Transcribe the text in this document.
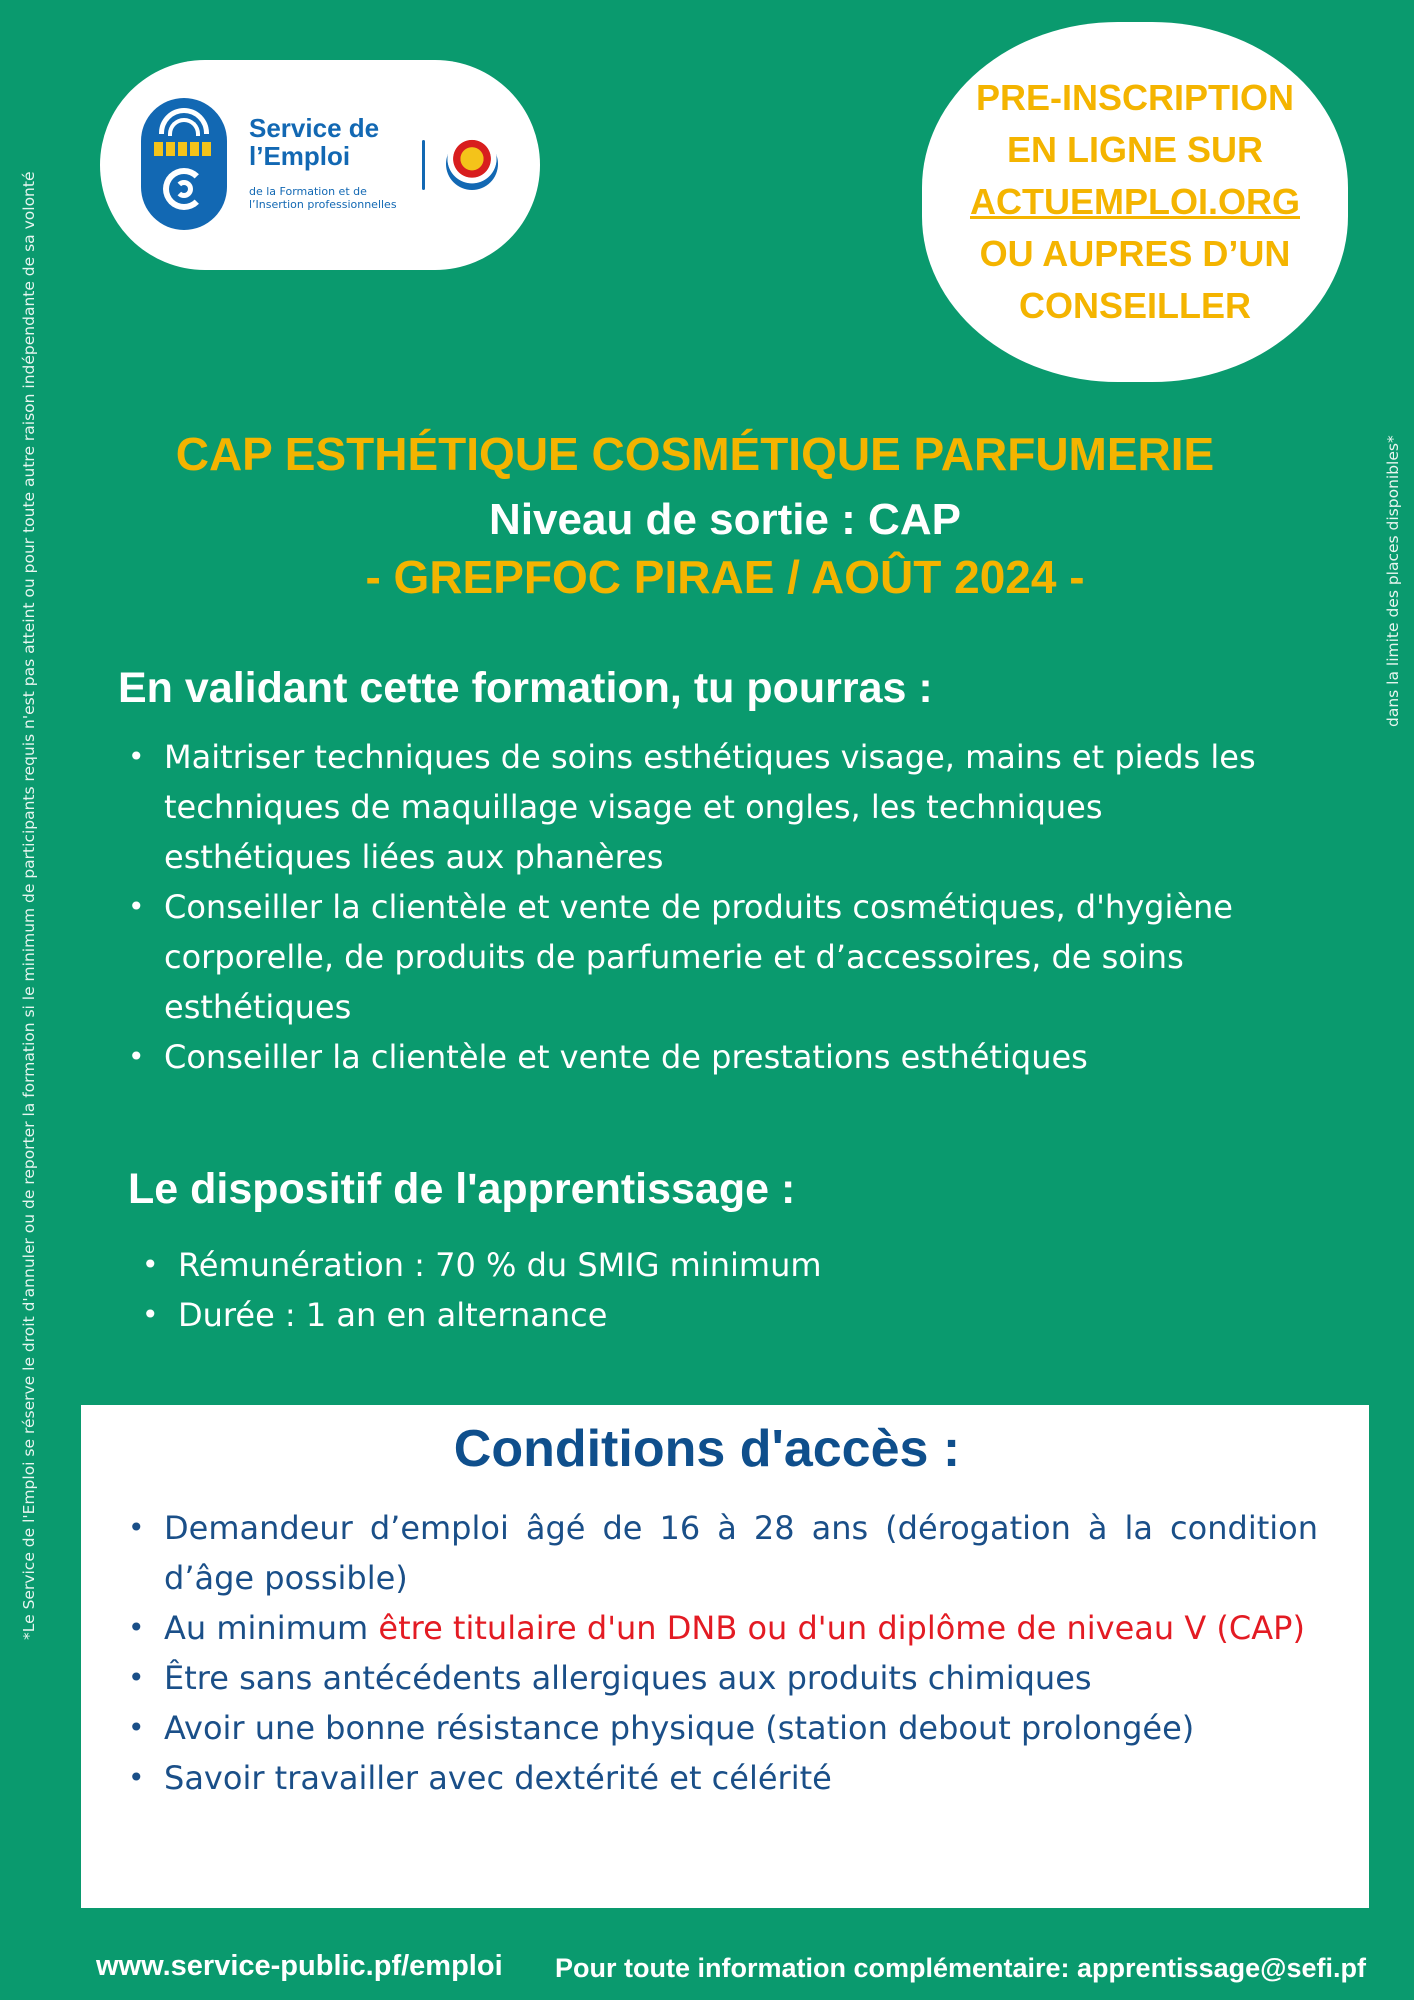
*Le Service de l'Emploi se réserve le droit d'annuler ou de reporter la formation si le minimum de participants requis n'est pas atteint ou pour toute autre raison indépendante de sa volonté	dans la limite des places disponibles*

Service de
l’Emploi

de la Formation et de
l’Insertion professionnelles

PRE-INSCRIPTION
EN LIGNE SUR
ACTUEMPLOI.ORG
OU AUPRES D’UN
CONSEILLER
CAP ESTHÉTIQUE COSMÉTIQUE PARFUMERIE
Niveau de sortie : CAP
- GREPFOC PIRAE / AOÛT 2024 -
En validant cette formation, tu pourras :
• Maitriser techniques de soins esthétiques visage, mains et pieds les techniques de maquillage visage et ongles, les techniques esthétiques liées aux phanères
• Conseiller la clientèle et vente de produits cosmétiques, d'hygiène corporelle, de produits de parfumerie et d’accessoires, de soins esthétiques
• Conseiller la clientèle et vente de prestations esthétiques
Le dispositif de l'apprentissage :
• Rémunération : 70 % du SMIG minimum
• Durée : 1 an en alternance
Conditions d'accès :
• Demandeur d’emploi âgé de 16 à 28 ans (dérogation à la condition d’âge possible)
• Au minimum être titulaire d'un DNB ou d'un diplôme de niveau V (CAP)
• Être sans antécédents allergiques aux produits chimiques
• Avoir une bonne résistance physique (station debout prolongée)
• Savoir travailler avec dextérité et célérité
www.service-public.pf/emploi Pour toute information complémentaire: apprentissage@sefi.pf
